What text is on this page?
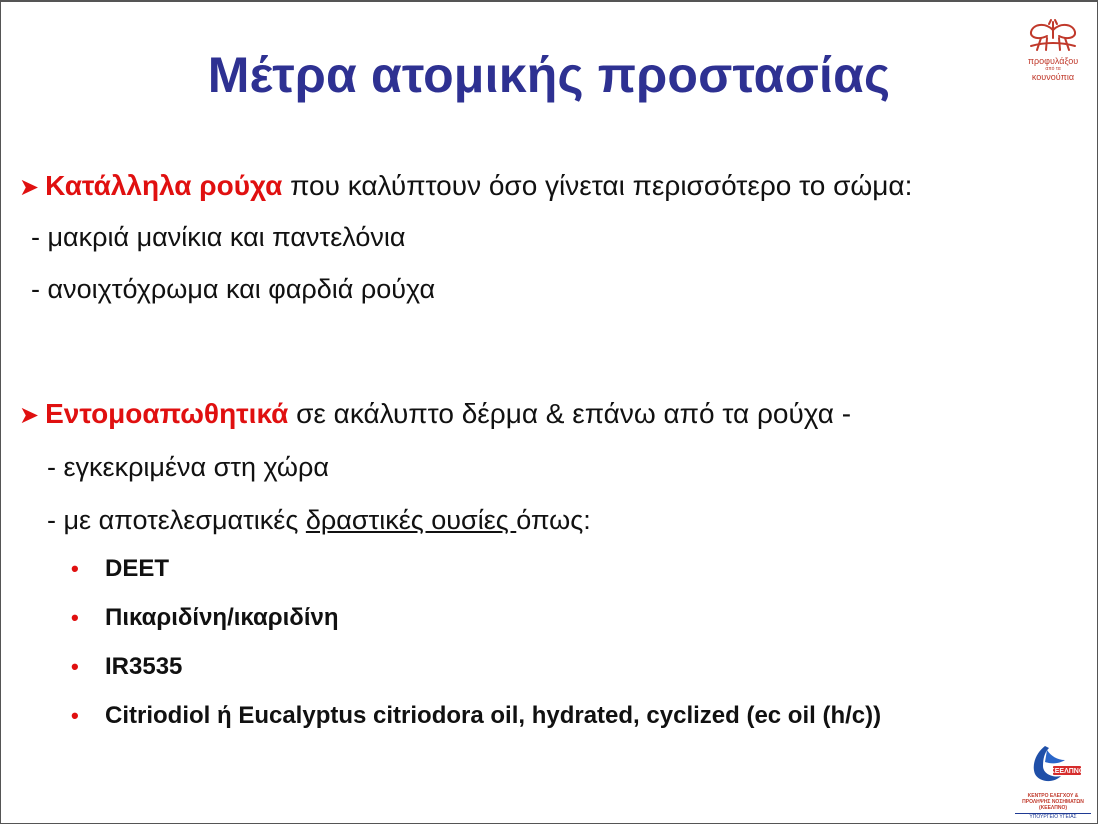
Μέτρα ατομικής προστασίας	προφυλάξου
από τα
κουνούπια
➤ Κατάλληλα ρούχα που καλύπτουν όσο γίνεται περισσότερο το σώμα:
- μακριά μανίκια και παντελόνια
- ανοιχτόχρωμα και φαρδιά ρούχα
➤ Εντομοαπωθητικά σε ακάλυπτο δέρμα & επάνω από τα ρούχα -
- εγκεκριμένα στη χώρα
- με αποτελεσματικές δραστικές ουσίες όπως:
• DEET
• Πικαριδίνη/ικαριδίνη
• IR3535
• Citriodiol ή Eucalyptus citriodora oil, hydrated, cyclized (ec oil (h/c))
ΚΕΕΛΠΝΟ
ΚΕΝΤΡΟ ΕΛΕΓΧΟΥ &
ΠΡΟΛΗΨΗΣ ΝΟΣΗΜΑΤΩΝ (ΚΕΕΛΠΝΟ)
ΥΠΟΥΡΓΕΙΟ ΥΓΕΙΑΣ
